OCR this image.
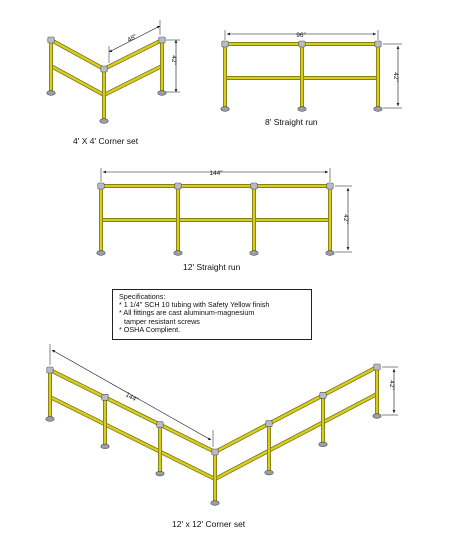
48"
42"
96"
42"
144"
42"
144"
42"
4' X 4' Corner set
8' Straight run
12' Straight run
12' x 12' Corner set
Specifications:
* 1 1/4" SCH 10 tubing with Safety Yellow finish
* All fittings are cast aluminum-magnesium
tamper resistant screws
* OSHA Complient.
